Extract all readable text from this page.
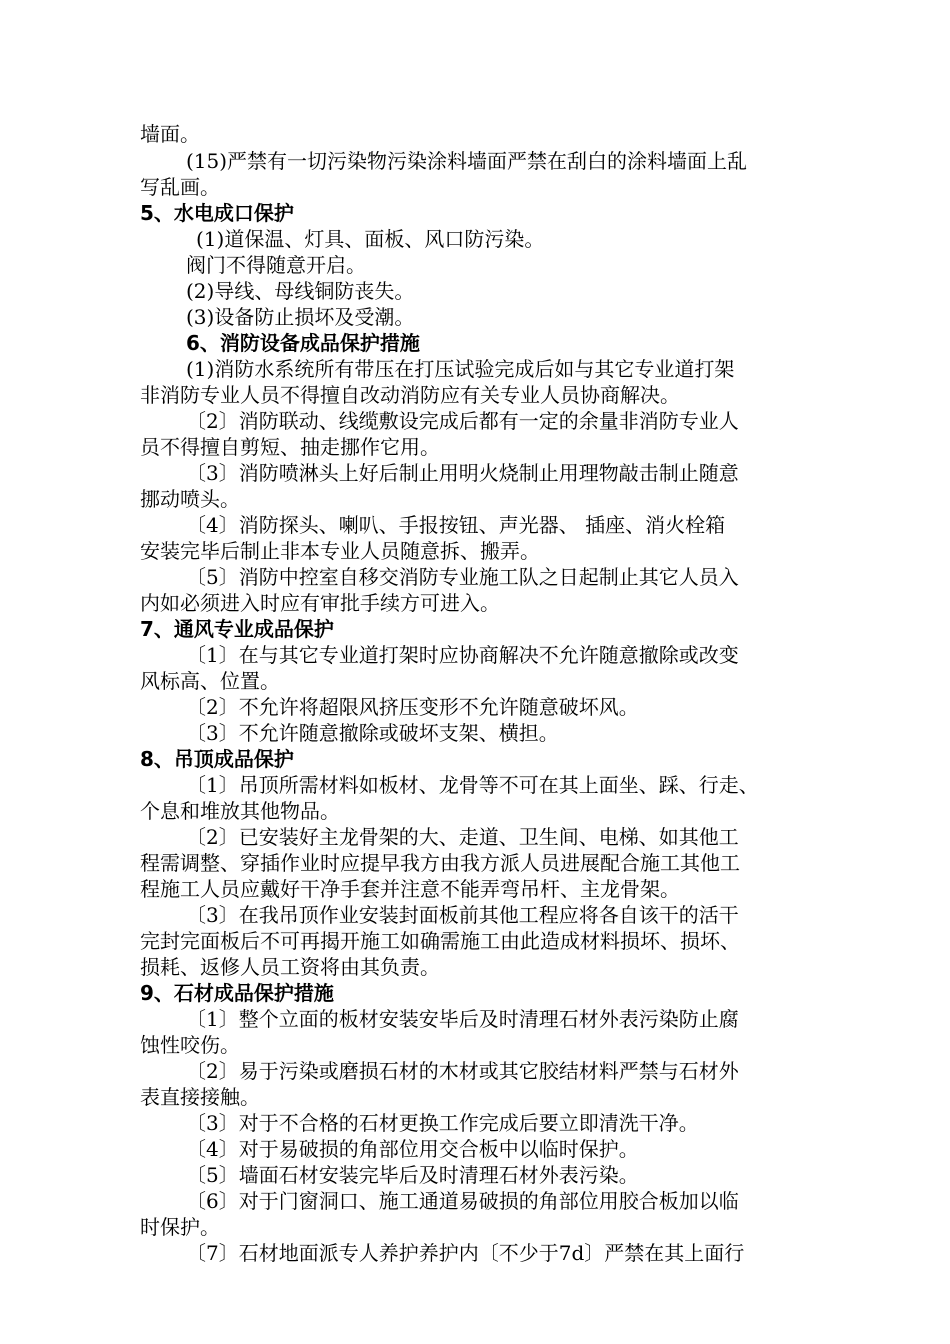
墙面。
(15)严禁有一切污染物污染涂料墙面严禁在刮白的涂料墙面上乱
写乱画。
5、水电成口保护
(1)道保温、灯具、面板、风口防污染。
阀门不得随意开启。
(2)导线、母线铜防丧失。
(3)设备防止损坏及受潮。
6、消防设备成品保护措施
(1)消防水系统所有带压在打压试验完成后如与其它专业道打架
非消防专业人员不得擅自改动消防应有关专业人员协商解决。
〔2〕消防联动、线缆敷设完成后都有一定的余量非消防专业人
员不得擅自剪短、抽走挪作它用。
〔3〕消防喷淋头上好后制止用明火烧制止用理物敲击制止随意
挪动喷头。
〔4〕消防探头、喇叭、手报按钮、声光器、 插座、消火栓箱
安装完毕后制止非本专业人员随意拆、搬弄。
〔5〕消防中控室自移交消防专业施工队之日起制止其它人员入
内如必须进入时应有审批手续方可进入。
7、通风专业成品保护
〔1〕在与其它专业道打架时应协商解决不允许随意撤除或改变
风标高、位置。
〔2〕不允许将超限风挤压变形不允许随意破坏风。
〔3〕不允许随意撤除或破坏支架、横担。
8、吊顶成品保护
〔1〕吊顶所需材料如板材、龙骨等不可在其上面坐、踩、行走、
个息和堆放其他物品。
〔2〕已安装好主龙骨架的大、走道、卫生间、电梯、如其他工
程需调整、穿插作业时应提早我方由我方派人员进展配合施工其他工
程施工人员应戴好干净手套并注意不能弄弯吊杆、主龙骨架。
〔3〕在我吊顶作业安装封面板前其他工程应将各自该干的活干
完封完面板后不可再揭开施工如确需施工由此造成材料损坏、损坏、
损耗、返修人员工资将由其负责。
9、石材成品保护措施
〔1〕整个立面的板材安装安毕后及时清理石材外表污染防止腐
蚀性咬伤。
〔2〕易于污染或磨损石材的木材或其它胶结材料严禁与石材外
表直接接触。
〔3〕对于不合格的石材更换工作完成后要立即清洗干净。
〔4〕对于易破损的角部位用交合板中以临时保护。
〔5〕墙面石材安装完毕后及时清理石材外表污染。
〔6〕对于门窗洞口、施工通道易破损的角部位用胶合板加以临
时保护。
〔7〕石材地面派专人养护养护内〔不少于7d〕严禁在其上面行
